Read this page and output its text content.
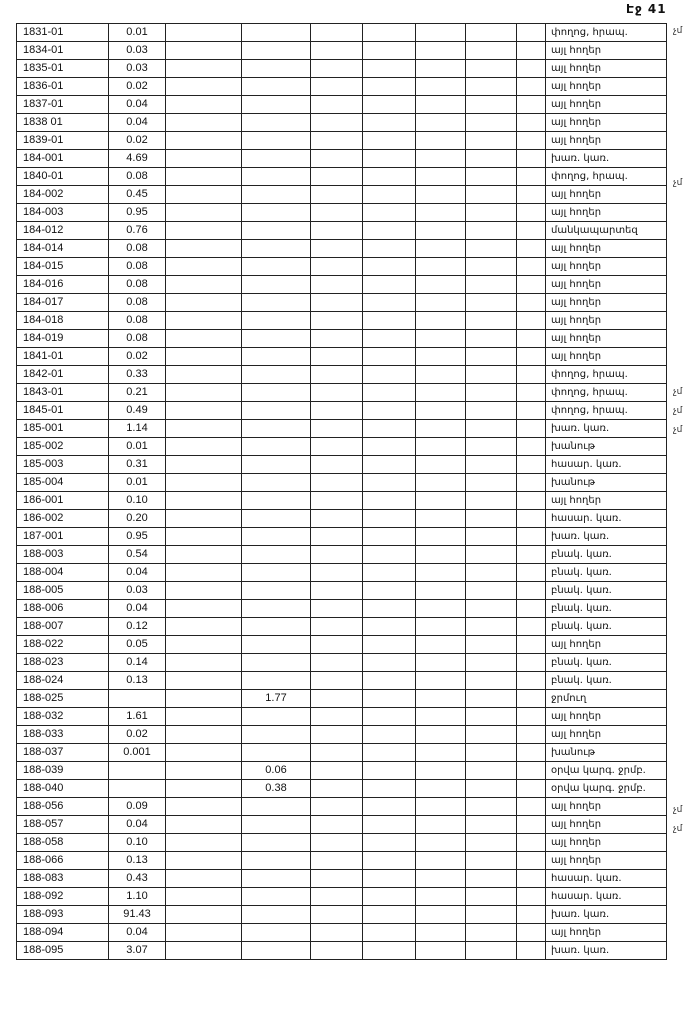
Էջ 41
1831-01	0.01								փողոց, հրապ.
1834-01	0.03								այլ հողեր
1835-01	0.03								այլ հողեր
1836-01	0.02								այլ հողեր
1837-01	0.04								այլ հողեր
1838 01	0.04								այլ հողեր
1839-01	0.02								այլ հողեր
184-001	4.69								խառ. կառ.
1840-01	0.08								փողոց, հրապ.
184-002	0.45								այլ հողեր
184-003	0.95								այլ հողեր
184-012	0.76								մանկապարտեզ
184-014	0.08								այլ հողեր
184-015	0.08								այլ հողեր
184-016	0.08								այլ հողեր
184-017	0.08								այլ հողեր
184-018	0.08								այլ հողեր
184-019	0.08								այլ հողեր
1841-01	0.02								այլ հողեր
1842-01	0.33								փողոց, հրապ.
1843-01	0.21								փողոց, հրապ.
1845-01	0.49								փողոց, հրապ.
185-001	1.14								խառ. կառ.
185-002	0.01								խանութ
185-003	0.31								հասար. կառ.
185-004	0.01								խանութ
186-001	0.10								այլ հողեր
186-002	0.20								հասար. կառ.
187-001	0.95								խառ. կառ.
188-003	0.54								բնակ. կառ.
188-004	0.04								բնակ. կառ.
188-005	0.03								բնակ. կառ.
188-006	0.04								բնակ. կառ.
188-007	0.12								բնակ. կառ.
188-022	0.05								այլ հողեր
188-023	0.14								բնակ. կառ.
188-024	0.13								բնակ. կառ.
188-025			1.77						ջրմուղ
188-032	1.61								այլ հողեր
188-033	0.02								այլ հողեր
188-037	0.001								խանութ
188-039			0.06						օրվա կարգ. ջրմբ.
188-040			0.38						օրվա կարգ. ջրմբ.
188-056	0.09								այլ հողեր
188-057	0.04								այլ հողեր
188-058	0.10								այլ հողեր
188-066	0.13								այլ հողեր
188-083	0.43								հասար. կառ.
188-092	1.10								հասար. կառ.
188-093	91.43								խառ. կառ.
188-094	0.04								այլ հողեր
188-095	3.07								խառ. կառ.
չմ
չմ
չմ
չմ
չմ
չմ
չմ
